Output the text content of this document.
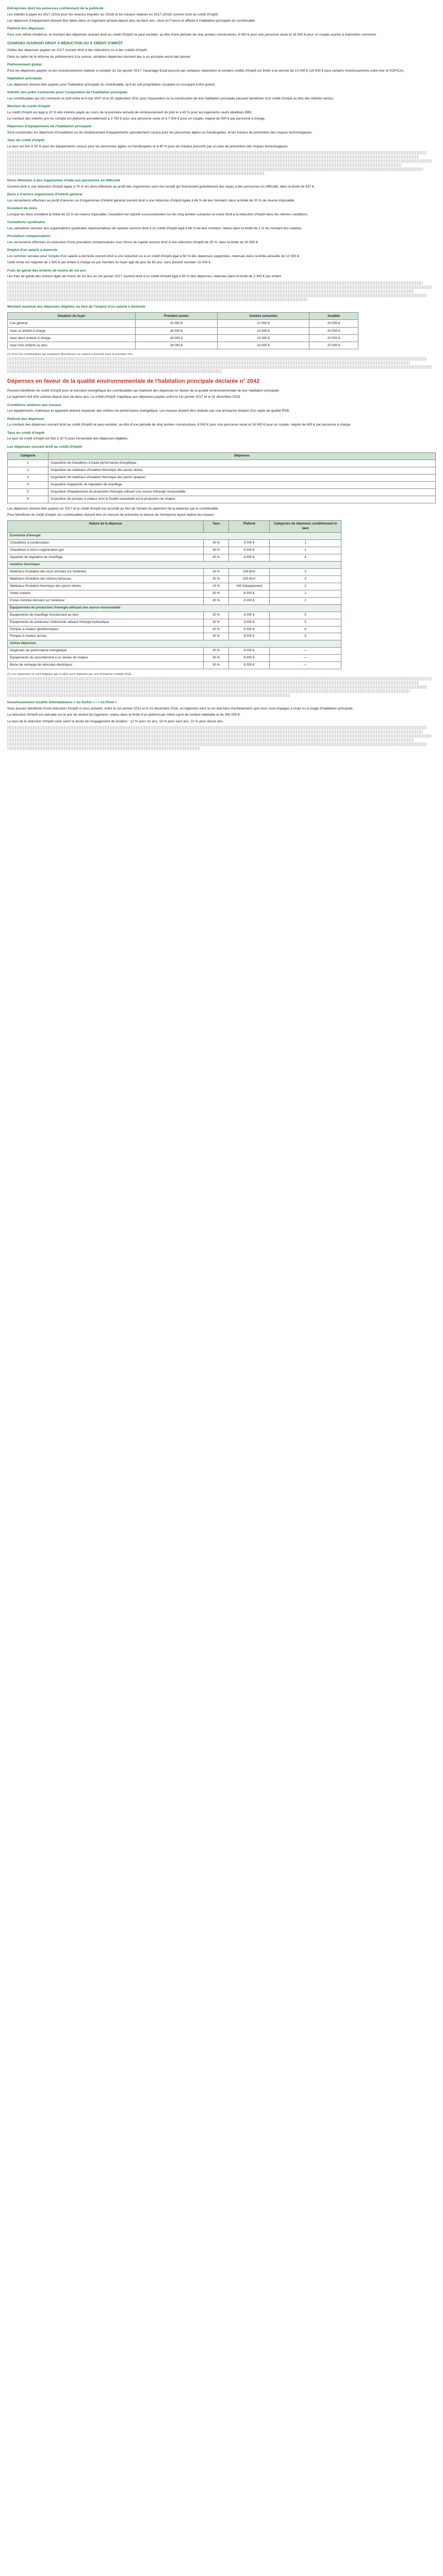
Entreprises dont les annonces contiennent de la publicité

Les intérêts à payer en 2017 (2018 pour les revenus imputés sur 2018) et les travaux réalisés en 2017 (2018) ouvrent droit au crédit d'impôt.

Les dépenses d'équipement doivent être faites dans un logement achevé depuis plus de deux ans, situé en France et affecté à l'habitation principale du contribuable.

Plafond des dépenses

Pour une même résidence, le montant des dépenses ouvrant droit au crédit d'impôt ne peut excéder, au titre d'une période de cinq années consécutives, 8 000 € pour une personne seule et 16 000 € pour un couple soumis à imposition commune.

CHARGES OUVRANT DROIT À RÉDUCTION OU À CRÉDIT D'IMPÔT

Grilles des dépenses payées en 2017 ouvrant droit à des réductions ou à des crédits d'impôt.

Dans le cadre de la réforme du prélèvement à la source, certaines dépenses donnent lieu à un acompte versé dès janvier.

Plafonnement global

Pour les dépenses payées ou les investissements réalisés à compter du 1er janvier 2017, l'avantage fiscal procuré par certaines réductions et certains crédits d'impôt est limité à la somme de 10 000 € (18 000 € pour certains investissements outre-mer et SOFICA).

Habitation principale

Les dépenses doivent être payées pour l'habitation principale du contribuable, qu'il en soit propriétaire, locataire ou occupant à titre gratuit.

Intérêts des prêts contractés pour l'acquisition de l'habitation principale

Les contribuables qui ont contracté un prêt entre le 6 mai 2007 et le 30 septembre 2011 pour l'acquisition ou la construction de leur habitation principale peuvent bénéficier d'un crédit d'impôt au titre des intérêts versés.

Montant du crédit d'impôt

Le crédit d'impôt est égal à 20 % des intérêts payés au cours de la première annuité de remboursement du prêt et à 40 % pour les logements neufs labellisés BBC.

Le montant des intérêts pris en compte est plafonné annuellement à 3 750 € pour une personne seule et à 7 500 € pour un couple, majoré de 500 € par personne à charge.

Dépenses d'équipements de l'habitation principale

Sont concernées les dépenses d'installation ou de remplacement d'équipements spécialement conçus pour les personnes âgées ou handicapées, et les travaux de prévention des risques technologiques.

Taux du crédit d'impôt

Le taux est fixé à 25 % pour les équipements conçus pour les personnes âgées ou handicapées et à 40 % pour les travaux prescrits par un plan de prévention des risques technologiques.

Dons effectués à des organismes d'aide aux personnes en difficulté

Ouvrent droit à une réduction d'impôt égale à 75 % les dons effectués au profit des organismes sans but lucratif qui fournissent gratuitement des repas à des personnes en difficulté, dans la limite de 537 €.

Dons à d'autres organismes d'intérêt général

Les versements effectués au profit d'œuvres ou d'organismes d'intérêt général ouvrent droit à une réduction d'impôt égale à 66 % de leur montant, dans la limite de 20 % du revenu imposable.

Excédent de dons

Lorsque les dons excèdent la limite de 20 % du revenu imposable, l'excédent est reporté successivement sur les cinq années suivantes et ouvre droit à la réduction d'impôt dans les mêmes conditions.

Cotisations syndicales

Les cotisations versées aux organisations syndicales représentatives de salariés ouvrent droit à un crédit d'impôt égal à 66 % de leur montant, retenu dans la limite de 1 % du montant des salaires.

Prestation compensatoire

Les versements effectués en exécution d'une prestation compensatoire sous forme de capital ouvrent droit à une réduction d'impôt de 25 %, dans la limite de 30 500 €.

Emploi d'un salarié à domicile

Les sommes versées pour l'emploi d'un salarié à domicile ouvrent droit à une réduction ou à un crédit d'impôt égal à 50 % des dépenses supportées, retenues dans la limite annuelle de 12 000 €.

Cette limite est majorée de 1 500 € par enfant à charge ou par membre du foyer âgé de plus de 65 ans, sans pouvoir excéder 15 000 €.

Frais de garde des enfants de moins de six ans

Les frais de garde des enfants âgés de moins de six ans au 1er janvier 2017 ouvrent droit à un crédit d'impôt égal à 50 % des dépenses, retenues dans la limite de 2 300 € par enfant.

Montant maximal des dépenses éligibles au titre de l'emploi d'un salarié à domicile
Situation du foyer	Première année	Années suivantes	Invalide
Cas général	15 000 €	12 000 €	20 000 €
Avec un enfant à charge	16 500 €	13 500 €	20 000 €
Avec deux enfants à charge	18 000 €	15 000 €	20 000 €
Avec trois enfants ou plus	18 000 €	15 000 €	20 000 €
(1) Pour les contribuables qui emploient directement un salarié à domicile pour la première fois.
Dépenses en faveur de la qualité environnementale de l'habitation principale déclarée n° 2042

Peuvent bénéficier du crédit d'impôt pour la transition énergétique les contribuables qui réalisent des dépenses en faveur de la qualité environnementale de leur habitation principale.

Le logement doit être achevé depuis plus de deux ans. Le crédit d'impôt s'applique aux dépenses payées entre le 1er janvier 2017 et le 31 décembre 2018.

Conditions relatives aux travaux

Les équipements, matériaux et appareils doivent respecter des critères de performance énergétique. Les travaux doivent être réalisés par une entreprise titulaire d'un signe de qualité RGE.

Plafond des dépenses

Le montant des dépenses ouvrant droit au crédit d'impôt ne peut excéder, au titre d'une période de cinq années consécutives, 8 000 € pour une personne seule et 16 000 € pour un couple, majoré de 400 € par personne à charge.

Taux du crédit d'impôt

Le taux du crédit d'impôt est fixé à 30 % pour l'ensemble des dépenses éligibles.

Les dépenses ouvrant droit au crédit d'impôt
Catégorie	Dépenses
1	Acquisition de chaudières à haute performance énergétique
2	Acquisition de matériaux d'isolation thermique des parois vitrées
3	Acquisition de matériaux d'isolation thermique des parois opaques
4	Acquisition d'appareils de régulation de chauffage
5	Acquisition d'équipements de production d'énergie utilisant une source d'énergie renouvelable
6	Acquisition de pompes à chaleur dont la finalité essentielle est la production de chaleur

Les dépenses doivent être payées en 2017 et le crédit d'impôt est accordé au titre de l'année du paiement de la dépense par le contribuable.

Pour bénéficier du crédit d'impôt, les contribuables doivent être en mesure de présenter la facture de l'entreprise ayant réalisé les travaux.

Nature de la dépense	Taux	Plafond	Catégories de dépenses conditionnant le taux
Économie d'énergie			
Chaudières à condensation	30 %	8 000 €	1
Chaudières à micro-cogénération gaz	30 %	8 000 €	1
Appareils de régulation de chauffage	30 %	8 000 €	4
Isolation thermique			
Matériaux d'isolation des murs donnant sur l'extérieur	30 %	150 €/m²	3
Matériaux d'isolation des toitures-terrasses	30 %	100 €/m²	3
Matériaux d'isolation thermique des parois vitrées	15 %	100 €/équipement	2
Volets isolants	30 %	8 000 €	2
Portes d'entrée donnant sur l'extérieur	30 %	8 000 €	2
Équipements de production d'énergie utilisant une source renouvelable			
Équipements de chauffage fonctionnant au bois	30 %	8 000 €	5
Équipements de production d'électricité utilisant l'énergie hydraulique	30 %	8 000 €	5
Pompes à chaleur géothermiques	30 %	8 000 €	6
Pompes à chaleur air/eau	30 %	8 000 €	6
Autres dépenses			
Diagnostic de performance énergétique	30 %	8 000 €	—
Équipements de raccordement à un réseau de chaleur	30 %	8 000 €	—
Borne de recharge de véhicules électriques	30 %	8 000 €	—
(1) Les dépenses ne sont éligibles que si elles sont réalisées par une entreprise certifiée RGE.
Investissements locatifs intermédiaires « loi Duflot » / « loi Pinel »

Vous pouvez bénéficier d'une réduction d'impôt si vous achetez, entre le 1er janvier 2013 et le 31 décembre 2018, un logement neuf ou en état futur d'achèvement, que vous vous engagez à louer nu à usage d'habitation principale.

La réduction d'impôt est calculée sur le prix de revient du logement, retenu dans la limite d'un plafond par mètre carré de surface habitable et de 300 000 €.

Le taux de la réduction d'impôt varie selon la durée de l'engagement de location : 12 % pour six ans, 18 % pour neuf ans, 21 % pour douze ans.
